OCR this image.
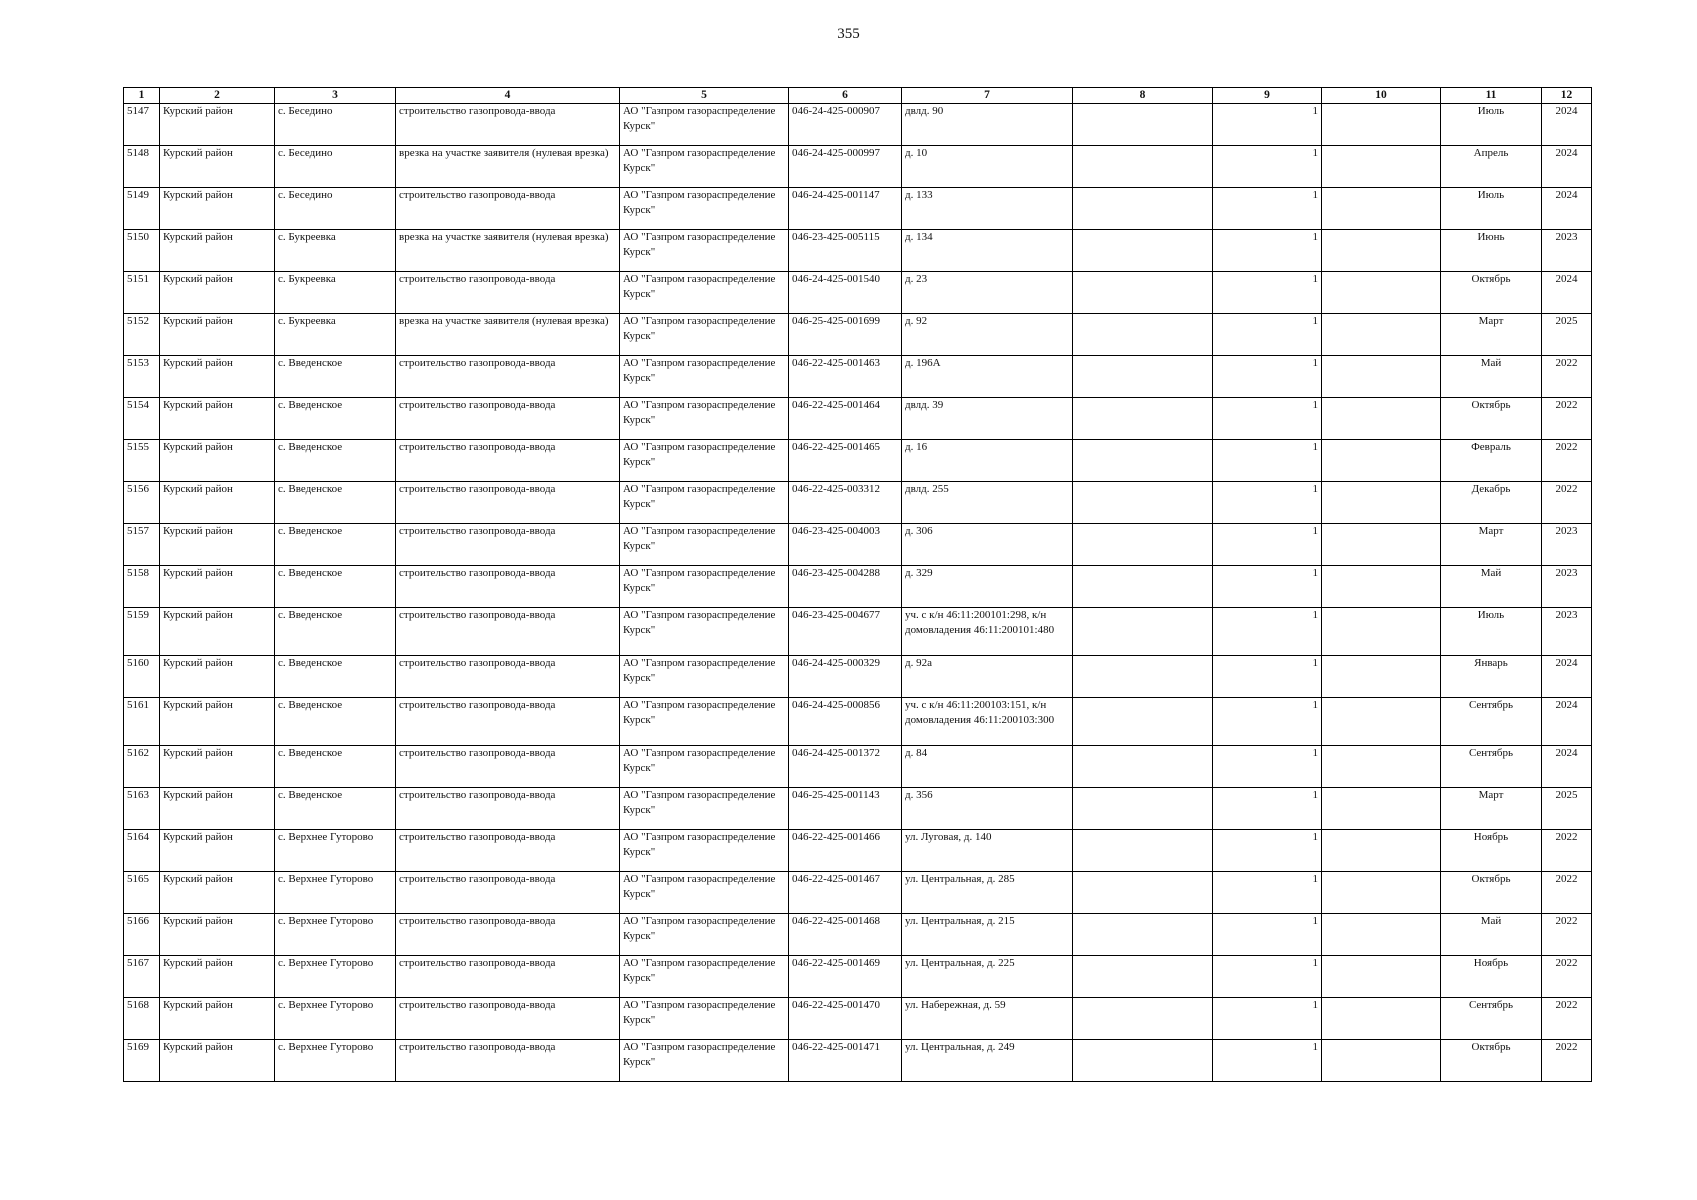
355
1	2	3	4	5	6	7	8	9	10	11	12
5147	Курский район	с. Беседино	строительство газопровода-ввода	АО "Газпром газораспределение Курск"	046-24-425-000907	двлд. 90		1		Июль	2024
5148	Курский район	с. Беседино	врезка на участке заявителя (нулевая врезка)	АО "Газпром газораспределение Курск"	046-24-425-000997	д. 10		1		Апрель	2024
5149	Курский район	с. Беседино	строительство газопровода-ввода	АО "Газпром газораспределение Курск"	046-24-425-001147	д. 133		1		Июль	2024
5150	Курский район	с. Букреевка	врезка на участке заявителя (нулевая врезка)	АО "Газпром газораспределение Курск"	046-23-425-005115	д. 134		1		Июнь	2023
5151	Курский район	с. Букреевка	строительство газопровода-ввода	АО "Газпром газораспределение Курск"	046-24-425-001540	д. 23		1		Октябрь	2024
5152	Курский район	с. Букреевка	врезка на участке заявителя (нулевая врезка)	АО "Газпром газораспределение Курск"	046-25-425-001699	д. 92		1		Март	2025
5153	Курский район	с. Введенское	строительство газопровода-ввода	АО "Газпром газораспределение Курск"	046-22-425-001463	д. 196А		1		Май	2022
5154	Курский район	с. Введенское	строительство газопровода-ввода	АО "Газпром газораспределение Курск"	046-22-425-001464	двлд. 39		1		Октябрь	2022
5155	Курский район	с. Введенское	строительство газопровода-ввода	АО "Газпром газораспределение Курск"	046-22-425-001465	д. 16		1		Февраль	2022
5156	Курский район	с. Введенское	строительство газопровода-ввода	АО "Газпром газораспределение Курск"	046-22-425-003312	двлд. 255		1		Декабрь	2022
5157	Курский район	с. Введенское	строительство газопровода-ввода	АО "Газпром газораспределение Курск"	046-23-425-004003	д. 306		1		Март	2023
5158	Курский район	с. Введенское	строительство газопровода-ввода	АО "Газпром газораспределение Курск"	046-23-425-004288	д. 329		1		Май	2023
5159	Курский район	с. Введенское	строительство газопровода-ввода	АО "Газпром газораспределение Курск"	046-23-425-004677	уч. с к/н 46:11:200101:298, к/н домовладения 46:11:200101:480		1		Июль	2023
5160	Курский район	с. Введенское	строительство газопровода-ввода	АО "Газпром газораспределение Курск"	046-24-425-000329	д. 92а		1		Январь	2024
5161	Курский район	с. Введенское	строительство газопровода-ввода	АО "Газпром газораспределение Курск"	046-24-425-000856	уч. с к/н 46:11:200103:151, к/н домовладения 46:11:200103:300		1		Сентябрь	2024
5162	Курский район	с. Введенское	строительство газопровода-ввода	АО "Газпром газораспределение Курск"	046-24-425-001372	д. 84		1		Сентябрь	2024
5163	Курский район	с. Введенское	строительство газопровода-ввода	АО "Газпром газораспределение Курск"	046-25-425-001143	д. 356		1		Март	2025
5164	Курский район	с. Верхнее Гуторово	строительство газопровода-ввода	АО "Газпром газораспределение Курск"	046-22-425-001466	ул. Луговая, д. 140		1		Ноябрь	2022
5165	Курский район	с. Верхнее Гуторово	строительство газопровода-ввода	АО "Газпром газораспределение Курск"	046-22-425-001467	ул. Центральная, д. 285		1		Октябрь	2022
5166	Курский район	с. Верхнее Гуторово	строительство газопровода-ввода	АО "Газпром газораспределение Курск"	046-22-425-001468	ул. Центральная, д. 215		1		Май	2022
5167	Курский район	с. Верхнее Гуторово	строительство газопровода-ввода	АО "Газпром газораспределение Курск"	046-22-425-001469	ул. Центральная, д. 225		1		Ноябрь	2022
5168	Курский район	с. Верхнее Гуторово	строительство газопровода-ввода	АО "Газпром газораспределение Курск"	046-22-425-001470	ул. Набережная, д. 59		1		Сентябрь	2022
5169	Курский район	с. Верхнее Гуторово	строительство газопровода-ввода	АО "Газпром газораспределение Курск"	046-22-425-001471	ул. Центральная, д. 249		1		Октябрь	2022
